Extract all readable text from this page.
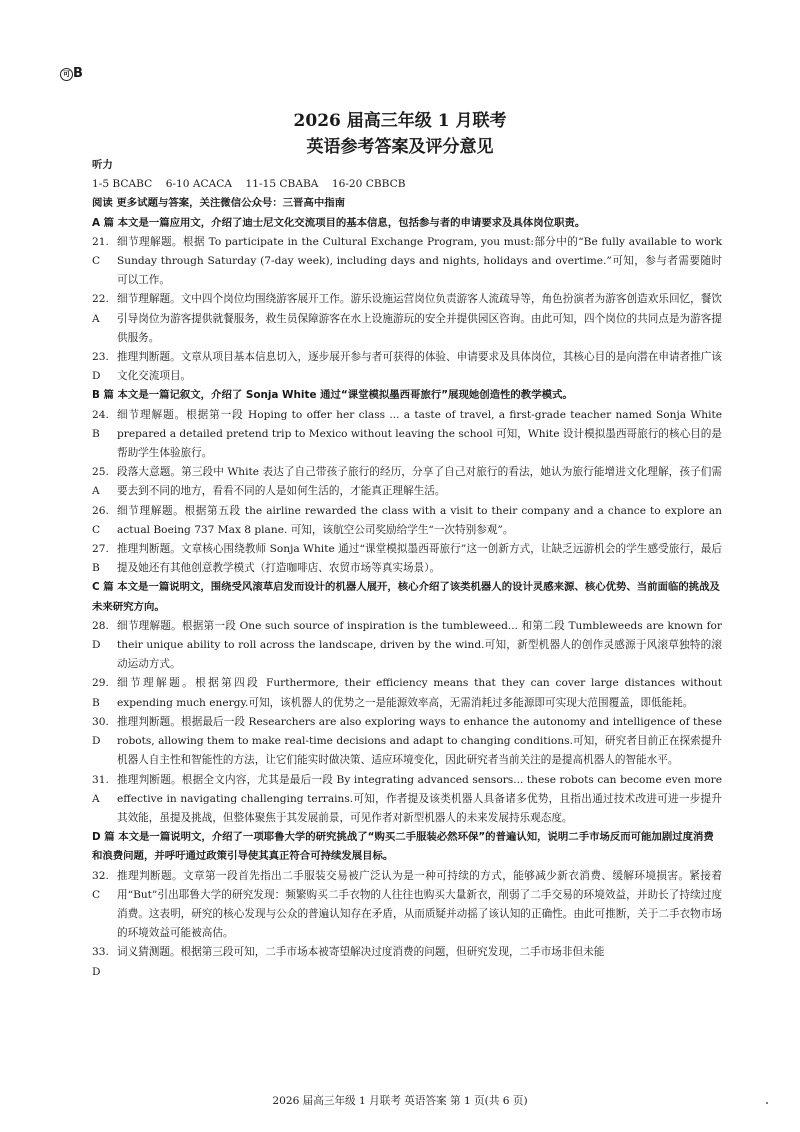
可 B
2026 届高三年级 1 月联考
英语参考答案及评分意见

听力

1-5 BCABC    6-10 ACACA    11-15 CBABA    16-20 CBBCB

阅读 更多试题与答案，关注微信公众号：三晋高中指南

A 篇 本文是一篇应用文，介绍了迪士尼文化交流项目的基本信息，包括参与者的申请要求及具体岗位职责。

21. C
细节理解题。根据 To participate in the Cultural Exchange Program, you must:部分中的“Be fully available to work Sunday through Saturday (7-day week), including days and nights, holidays and overtime.”可知，参与者需要随时可以工作。
22. A
细节理解题。文中四个岗位均围绕游客展开工作。游乐设施运营岗位负责游客人流疏导等，角色扮演者为游客创造欢乐回忆，餐饮引导岗位为游客提供就餐服务，救生员保障游客在水上设施游玩的安全并提供园区咨询。由此可知，四个岗位的共同点是为游客提供服务。
23. D
推理判断题。文章从项目基本信息切入，逐步展开参与者可获得的体验、申请要求及具体岗位，其核心目的是向潜在申请者推广该文化交流项目。

B 篇 本文是一篇记叙文，介绍了 Sonja White 通过“课堂模拟墨西哥旅行”展现她创造性的教学模式。

24. B
细节理解题。根据第一段 Hoping to offer her class ... a taste of travel, a first-grade teacher named Sonja White prepared a detailed pretend trip to Mexico without leaving the school 可知，White 设计模拟墨西哥旅行的核心目的是帮助学生体验旅行。
25. A
段落大意题。第三段中 White 表达了自己带孩子旅行的经历，分享了自己对旅行的看法，她认为旅行能增进文化理解，孩子们需要去到不同的地方，看看不同的人是如何生活的，才能真正理解生活。
26. C
细节理解题。根据第五段 the airline rewarded the class with a visit to their company and a chance to explore an actual Boeing 737 Max 8 plane. 可知，该航空公司奖励给学生“一次特别参观”。
27. B
推理判断题。文章核心围绕教师 Sonja White 通过“课堂模拟墨西哥旅行”这一创新方式，让缺乏远游机会的学生感受旅行，最后提及她还有其他创意教学模式（打造咖啡店、农贸市场等真实场景）。

C 篇 本文是一篇说明文，围绕受风滚草启发而设计的机器人展开，核心介绍了该类机器人的设计灵感来源、核心优势、当前面临的挑战及未来研究方向。

28. D
细节理解题。根据第一段 One such source of inspiration is the tumbleweed... 和第二段 Tumbleweeds are known for their unique ability to roll across the landscape, driven by the wind.可知，新型机器人的创作灵感源于风滚草独特的滚动运动方式。
29. B
细节理解题。根据第四段 Furthermore, their efficiency means that they can cover large distances without expending much energy.可知，该机器人的优势之一是能源效率高，无需消耗过多能源即可实现大范围覆盖，即低能耗。
30. D
推理判断题。根据最后一段 Researchers are also exploring ways to enhance the autonomy and intelligence of these robots, allowing them to make real-time decisions and adapt to changing conditions.可知，研究者目前正在探索提升机器人自主性和智能性的方法，让它们能实时做决策、适应环境变化，因此研究者当前关注的是提高机器人的智能水平。
31. A
推理判断题。根据全文内容，尤其是最后一段 By integrating advanced sensors... these robots can become even more effective in navigating challenging terrains.可知，作者提及该类机器人具备诸多优势，且指出通过技术改进可进一步提升其效能，虽提及挑战，但整体聚焦于其发展前景，可见作者对新型机器人的未来发展持乐观态度。

D 篇 本文是一篇说明文，介绍了一项耶鲁大学的研究挑战了“购买二手服装必然环保”的普遍认知，说明二手市场反而可能加剧过度消费和浪费问题，并呼吁通过政策引导使其真正符合可持续发展目标。

32. C
推理判断题。文章第一段首先指出二手服装交易被广泛认为是一种可持续的方式，能够减少新衣消费、缓解环境损害。紧接着用“But”引出耶鲁大学的研究发现：频繁购买二手衣物的人往往也购买大量新衣，削弱了二手交易的环境效益，并助长了持续过度消费。这表明，研究的核心发现与公众的普遍认知存在矛盾，从而质疑并动摇了该认知的正确性。由此可推断，关于二手衣物市场的环境效益可能被高估。
33. D
词义猜测题。根据第三段可知，二手市场本被寄望解决过度消费的问题，但研究发现，二手市场非但未能
2026 届高三年级 1 月联考 英语答案 第 1 页(共 6 页)
